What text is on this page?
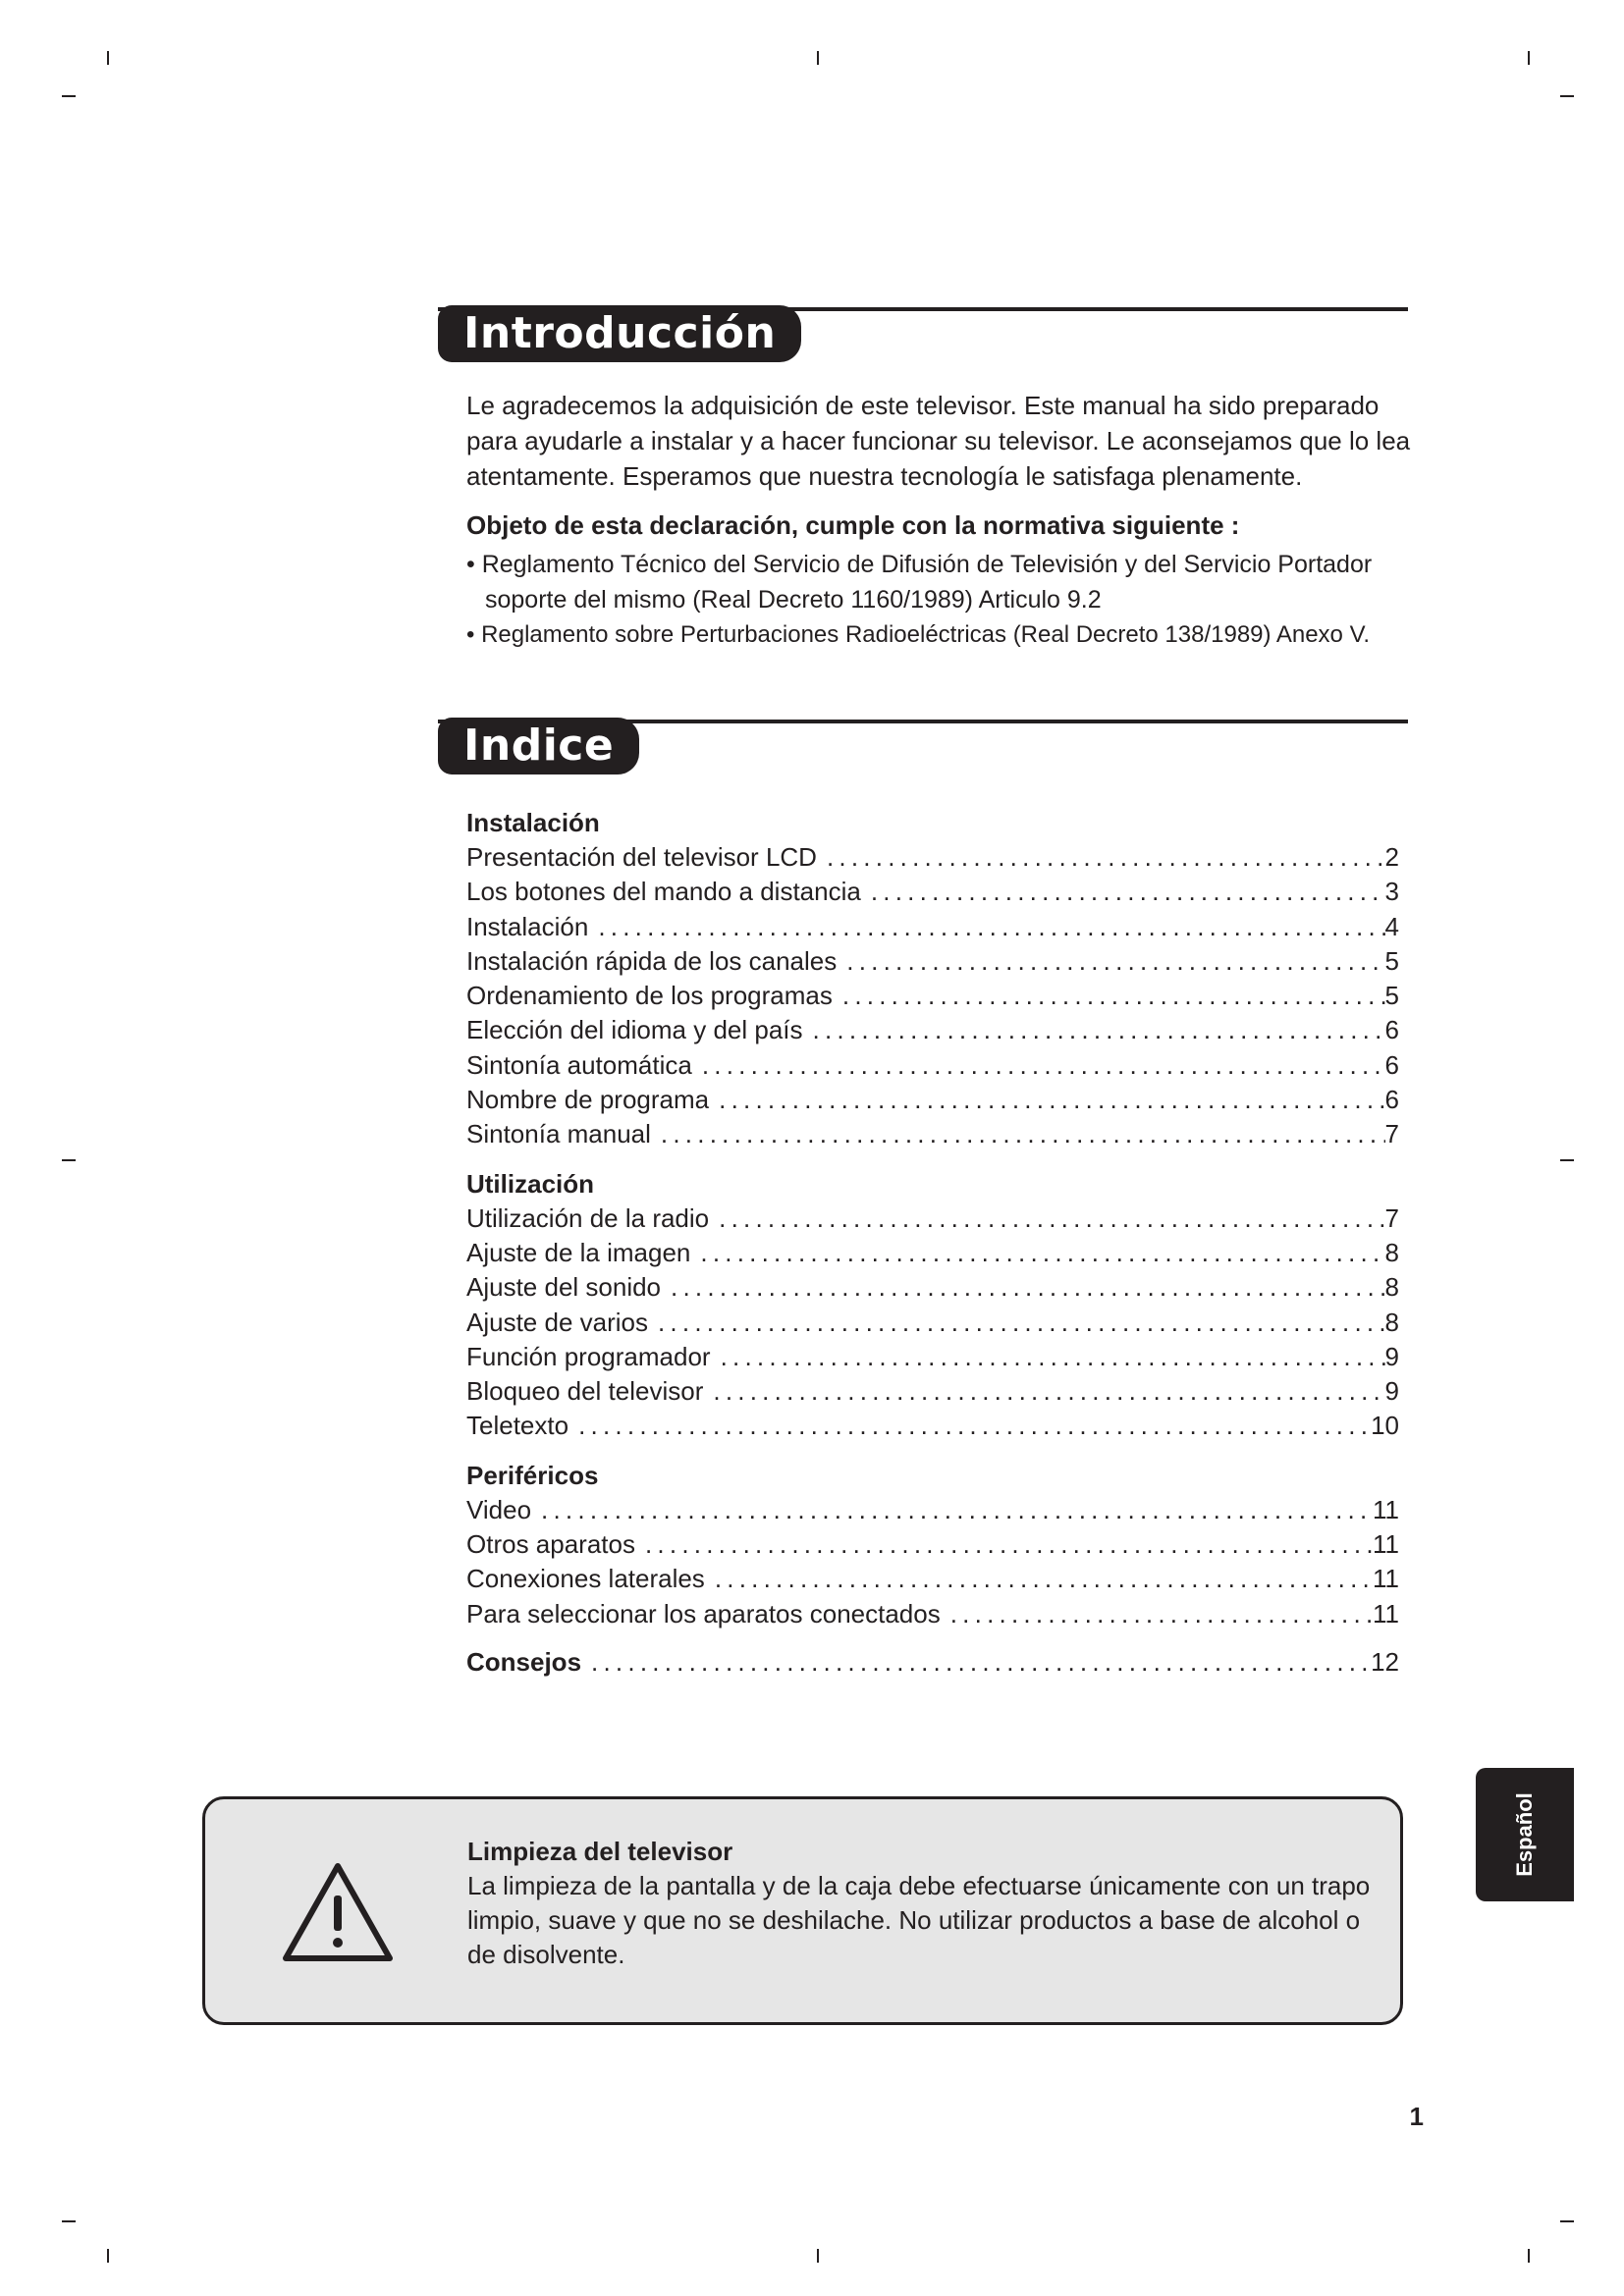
Introducción

Le agradecemos la adquisición de este televisor. Este manual ha sido preparado para ayudarle a instalar y a hacer funcionar su televisor. Le aconsejamos que lo lea atentamente. Esperamos que nuestra tecnología le satisfaga plenamente.

Objeto de esta declaración, cumple con la normativa siguiente :
• Reglamento Técnico del Servicio de Difusión de Televisión y del Servicio Portador soporte del mismo (Real Decreto 1160/1989) Articulo 9.2
• Reglamento sobre Perturbaciones Radioeléctricas (Real Decreto 138/1989) Anexo V.
Indice
Instalación
Presentación del televisor LCD . . .	2
Los botones del mando a distancia . . .	3
Instalación . . .	4
Instalación rápida de los canales . . .	5
Ordenamiento de los programas . . .	5
Elección del idioma y del país . . .	6
Sintonía automática . . .	6
Nombre de programa . . .	6
Sintonía manual . . .	7
Utilización
Utilización de la radio . . .	7
Ajuste de la imagen . . .	8
Ajuste del sonido . . .	8
Ajuste de varios . . .	8
Función programador . . .	9
Bloqueo del televisor . . .	9
Teletexto . . .	10
Periféricos
Video . . .	11
Otros aparatos . . .	11
Conexiones laterales . . .	11
Para seleccionar los aparatos conectados . . .	11
Consejos . . .	12
Limpieza del televisor

La limpieza de la pantalla y de la caja debe efectuarse únicamente con un trapo limpio, suave y que no se deshilache. No utilizar productos a base de alcohol o de disolvente.

Español
1
